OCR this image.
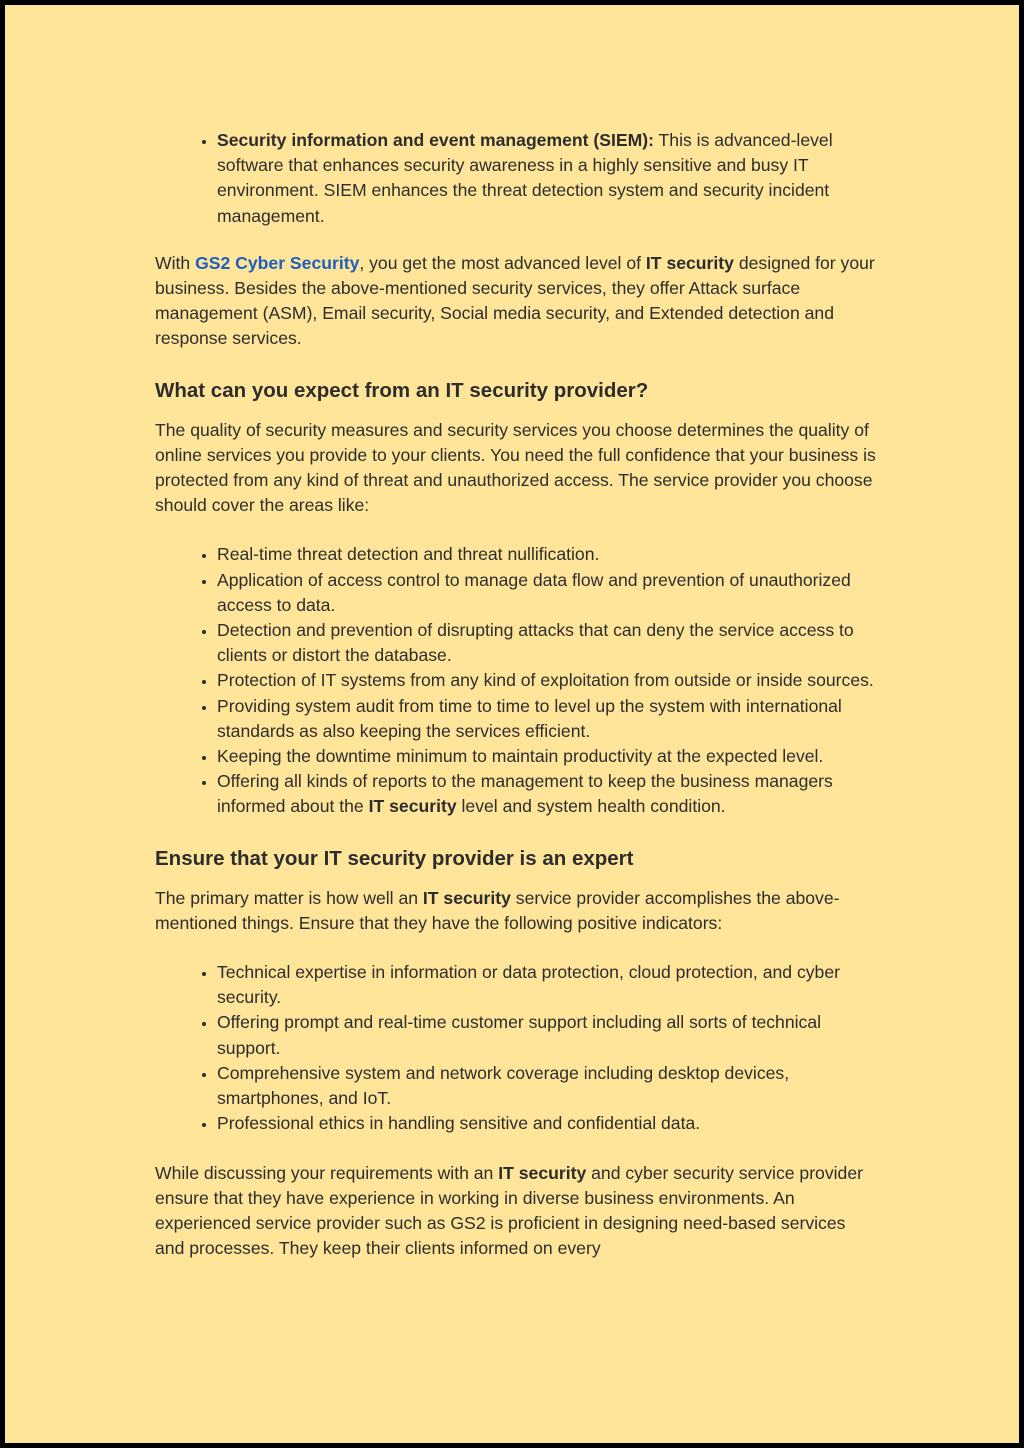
• Security information and event management (SIEM): This is advanced-level software that enhances security awareness in a highly sensitive and busy IT environment. SIEM enhances the threat detection system and security incident management.

With GS2 Cyber Security, you get the most advanced level of IT security designed for your business. Besides the above-mentioned security services, they offer Attack surface management (ASM), Email security, Social media security, and Extended detection and response services.

What can you expect from an IT security provider?

The quality of security measures and security services you choose determines the quality of online services you provide to your clients. You need the full confidence that your business is protected from any kind of threat and unauthorized access. The service provider you choose should cover the areas like:

• Real-time threat detection and threat nullification.
• Application of access control to manage data flow and prevention of unauthorized access to data.
• Detection and prevention of disrupting attacks that can deny the service access to clients or distort the database.
• Protection of IT systems from any kind of exploitation from outside or inside sources.
• Providing system audit from time to time to level up the system with international standards as also keeping the services efficient.
• Keeping the downtime minimum to maintain productivity at the expected level.
• Offering all kinds of reports to the management to keep the business managers informed about the IT security level and system health condition.
Ensure that your IT security provider is an expert

The primary matter is how well an IT security service provider accomplishes the above-mentioned things. Ensure that they have the following positive indicators:

• Technical expertise in information or data protection, cloud protection, and cyber security.
• Offering prompt and real-time customer support including all sorts of technical support.
• Comprehensive system and network coverage including desktop devices, smartphones, and IoT.
• Professional ethics in handling sensitive and confidential data.

While discussing your requirements with an IT security and cyber security service provider ensure that they have experience in working in diverse business environments. An experienced service provider such as GS2 is proficient in designing need-based services and processes. They keep their clients informed on every
